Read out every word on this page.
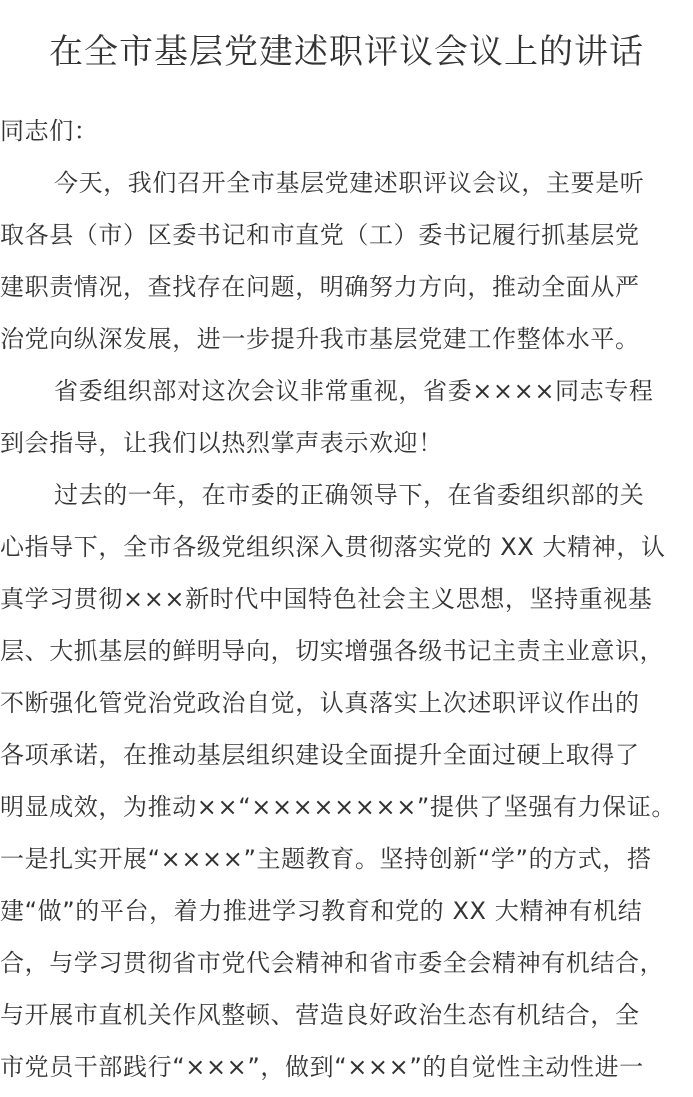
在全市基层党建述职评议会议上的讲话
同志们：
今天，我们召开全市基层党建述职评议会议，主要是听
取各县（市）区委书记和市直党（工）委书记履行抓基层党
建职责情况，查找存在问题，明确努力方向，推动全面从严
治党向纵深发展，进一步提升我市基层党建工作整体水平。
省委组织部对这次会议非常重视，省委××××同志专程
到会指导，让我们以热烈掌声表示欢迎！
过去的一年，在市委的正确领导下，在省委组织部的关
心指导下，全市各级党组织深入贯彻落实党的 XX 大精神，认
真学习贯彻×××新时代中国特色社会主义思想，坚持重视基
层、大抓基层的鲜明导向，切实增强各级书记主责主业意识，
不断强化管党治党政治自觉，认真落实上次述职评议作出的
各项承诺，在推动基层组织建设全面提升全面过硬上取得了
明显成效，为推动××“××××××××”提供了坚强有力保证。
一是扎实开展“××××”主题教育。坚持创新“学”的方式，搭
建“做”的平台，着力推进学习教育和党的 XX 大精神有机结
合，与学习贯彻省市党代会精神和省市委全会精神有机结合，
与开展市直机关作风整顿、营造良好政治生态有机结合，全
市党员干部践行“×××”，做到“×××”的自觉性主动性进一
